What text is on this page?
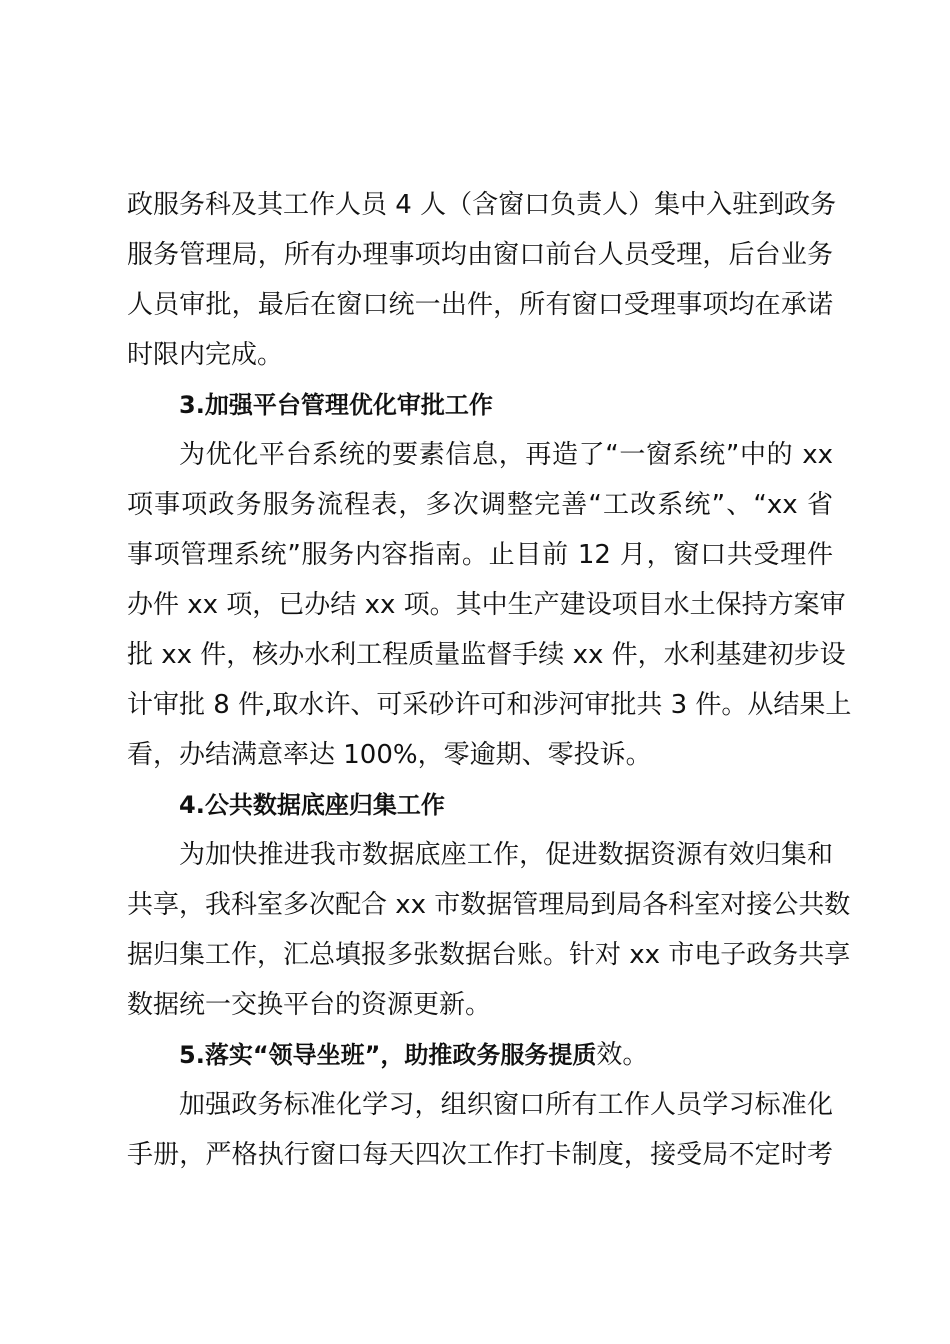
政服务科及其工作人员 4 人（含窗口负责人）集中入驻到政务
服务管理局，所有办理事项均由窗口前台人员受理，后台业务
人员审批，最后在窗口统一出件，所有窗口受理事项均在承诺
时限内完成。
3.加强平台管理优化审批工作
为优化平台系统的要素信息，再造了“一窗系统”中的 xx
项事项政务服务流程表，多次调整完善“工改系统”、“xx 省
事项管理系统”服务内容指南。止目前 12 月，窗口共受理件
办件 xx 项，已办结 xx 项。其中生产建设项目水土保持方案审
批 xx 件，核办水利工程质量监督手续 xx 件，水利基建初步设
计审批 8 件,取水许、可采砂许可和涉河审批共 3 件。从结果上
看，办结满意率达 100%，零逾期、零投诉。
4.公共数据底座归集工作
为加快推进我市数据底座工作，促进数据资源有效归集和
共享，我科室多次配合 xx 市数据管理局到局各科室对接公共数
据归集工作，汇总填报多张数据台账。针对 xx 市电子政务共享
数据统一交换平台的资源更新。
5.落实“领导坐班”，助推政务服务提质效。
加强政务标准化学习，组织窗口所有工作人员学习标准化
手册，严格执行窗口每天四次工作打卡制度，接受局不定时考
